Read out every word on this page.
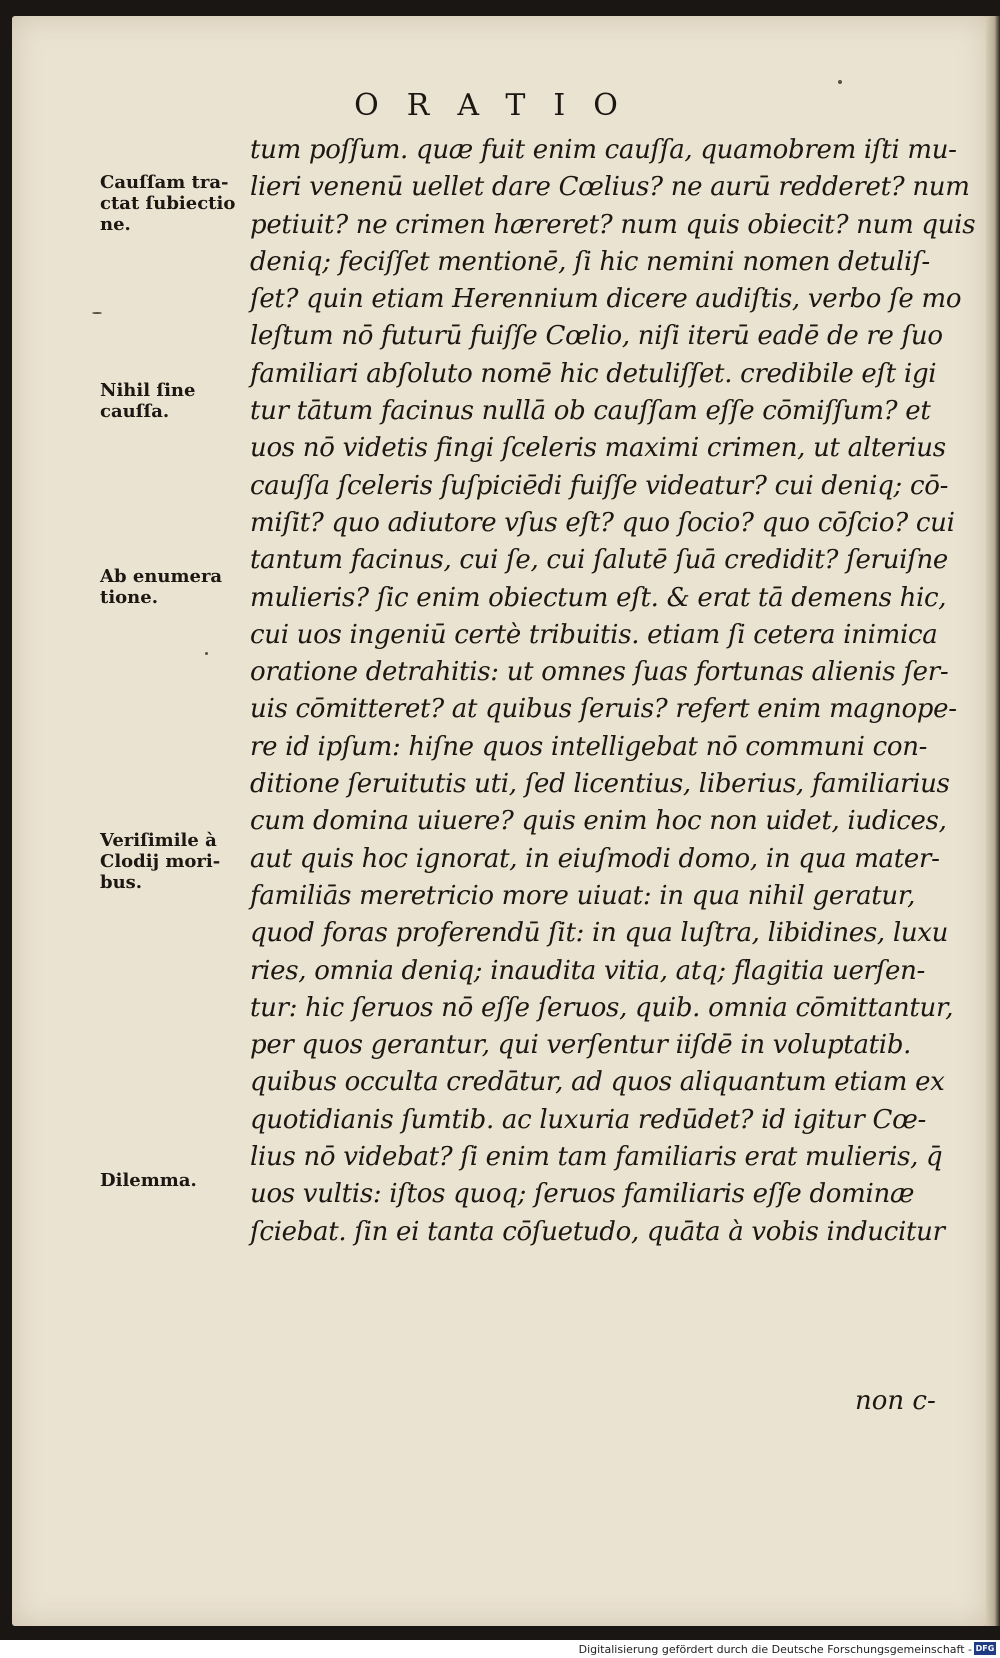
ORATIO
Cauſſam tra-
ctat ſubiectio
ne.
Nihil ſine
cauſſa.
Ab enumera
tione.
Veriſimile à
Clodij mori-
bus.
Dilemma.
tum poſſum. quæ fuit enim cauſſa, quamobrem iſti mu-
lieri venenū uellet dare Cœlius? ne aurū redderet? num
petiuit? ne crimen hæreret? num quis obiecit? num quis
deniq; feciſſet mentionē, ſi hic nemini nomen detuliſ-
ſet? quin etiam Herennium dicere audiſtis, verbo ſe mo
leſtum nō futurū fuiſſe Cœlio, niſi iterū eadē de re ſuo
familiari abſoluto nomē hic detuliſſet. credibile eſt igi
tur tātum facinus nullā ob cauſſam eſſe cōmiſſum? et
uos nō videtis fingi ſceleris maximi crimen, ut alterius
cauſſa ſceleris ſuſpiciēdi fuiſſe videatur? cui deniq; cō-
miſit? quo adiutore vſus eſt? quo ſocio? quo cōſcio? cui
tantum facinus, cui ſe, cui ſalutē ſuā credidit? ſeruiſne
mulieris? ſic enim obiectum eſt. & erat tā demens hic,
cui uos ingeniū certè tribuitis. etiam ſi cetera inimica
oratione detrahitis: ut omnes ſuas fortunas alienis ſer-
uis cōmitteret? at quibus ſeruis? refert enim magnope-
re id ipſum: hiſne quos intelligebat nō communi con-
ditione ſeruitutis uti, ſed licentius, liberius, familiarius
cum domina uiuere? quis enim hoc non uidet, iudices,
aut quis hoc ignorat, in eiuſmodi domo, in qua mater-
familiās meretricio more uiuat: in qua nihil geratur,
quod foras proferendū ſit: in qua luſtra, libidines, luxu
ries, omnia deniq; inaudita vitia, atq; flagitia uerſen-
tur: hic ſeruos nō eſſe ſeruos, quib. omnia cōmittantur,
per quos gerantur, qui verſentur iiſdē in voluptatib.
quibus occulta credātur, ad quos aliquantum etiam ex
quotidianis ſumtib. ac luxuria redūdet? id igitur Cœ-
lius nō videbat? ſi enim tam familiaris erat mulieris, q̄
uos vultis: iſtos quoq; ſeruos familiaris eſſe dominæ
ſciebat. ſin ei tanta cōſuetudo, quāta à vobis inducitur
non c-
Digitalisierung gefördert durch die Deutsche Forschungsgemeinschaft - DFG
